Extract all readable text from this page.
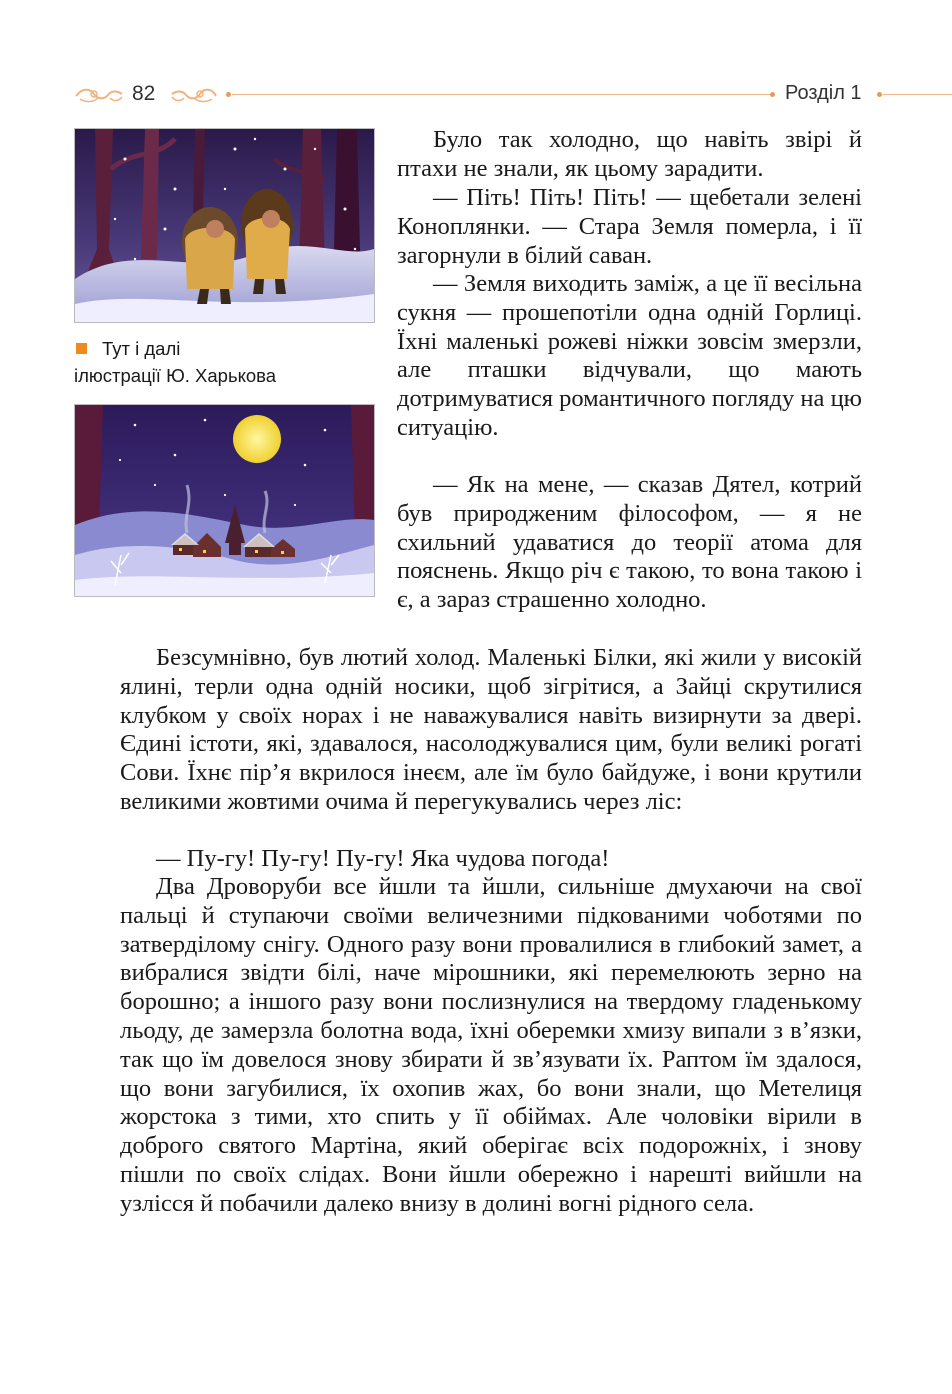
82	Розділ 1
Тут і далі
ілюстрації Ю. Харькова

Було так холодно, що навіть звірі й птахи не знали, як цьому зарадити.

— Піть! Піть! Піть! — щебетали зелені Коноплянки. — Стара Земля померла, і її загорнули в білий саван.

— Земля виходить заміж, а це її весільна сукня — прошепотіли одна одній Горлиці. Їхні маленькі рожеві ніжки зовсім змерзли, але пташки відчували, що мають дотримуватися романтичного погляду на цю ситуацію.

— Як на мене, — сказав Дятел, котрий був природженим філософом, — я не схильний удаватися до теорії атома для пояснень. Якщо річ є такою, то вона такою і є, а зараз страшенно холодно.

Безсумнівно, був лютий холод. Маленькі Білки, які жили у високій ялині, терли одна одній носики, щоб зігрітися, а Зайці скрутилися клубком у своїх норах і не наважувалися навіть визирнути за двері. Єдині істоти, які, здавалося, насолоджувалися цим, були великі рогаті Сови. Їхнє пір’я вкрилося інеєм, але їм було байдуже, і вони крутили великими жовтими очима й перегукувались через ліс:

— Пу-гу! Пу-гу! Пу-гу! Яка чудова погода!

Два Дроворуби все йшли та йшли, сильніше дмухаючи на свої пальці й ступаючи своїми величезними підкованими чоботями по затверділому снігу. Одного разу вони провалилися в глибокий замет, а вибралися звідти білі, наче мірошники, які перемелюють зерно на борошно; а іншого разу вони послизнулися на твердому гладенькому льоду, де замерзла болотна вода, їхні оберемки хмизу випали з в’язки, так що їм довелося знову збирати й зв’язувати їх. Раптом їм здалося, що вони загубилися, їх охопив жах, бо вони знали, що Метелиця жорстока з тими, хто спить у її обіймах. Але чоловіки вірили в доброго святого Мартіна, який оберігає всіх подорожніх, і знову пішли по своїх слідах. Вони йшли обережно і нарешті вийшли на узлісся й побачили далеко внизу в долині вогні рідного села.
